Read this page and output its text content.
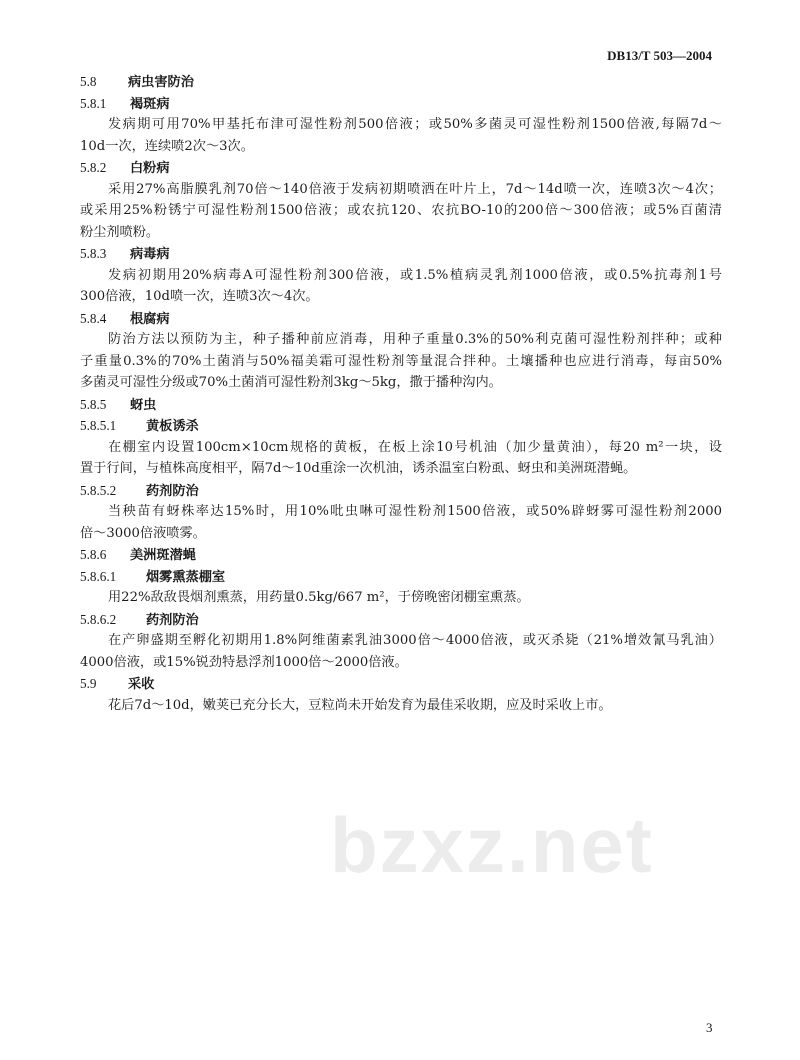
DB13/T 503—2004
bzxz.net
5.8 病虫害防治
5.8.1 褐斑病
发病期可用70%甲基托布津可湿性粉剂500倍液；或50%多菌灵可湿性粉剂1500倍液,每隔7d～
10d一次，连续喷2次～3次。
5.8.2 白粉病
采用27%高脂膜乳剂70倍～140倍液于发病初期喷洒在叶片上，7d～14d喷一次，连喷3次～4次；
或采用25%粉锈宁可湿性粉剂1500倍液；或农抗120、农抗BO-10的200倍～300倍液；或5%百菌清
粉尘剂喷粉。
5.8.3 病毒病
发病初期用20%病毒A可湿性粉剂300倍液，或1.5%植病灵乳剂1000倍液，或0.5%抗毒剂1号
300倍液，10d喷一次，连喷3次～4次。
5.8.4 根腐病
防治方法以预防为主，种子播种前应消毒，用种子重量0.3%的50%利克菌可湿性粉剂拌种；或种
子重量0.3%的70%土菌消与50%福美霜可湿性粉剂等量混合拌种。土壤播种也应进行消毒，每亩50%
多菌灵可湿性分级或70%土菌消可湿性粉剂3kg～5kg，撒于播种沟内。
5.8.5 蚜虫
5.8.5.1 黄板诱杀
在棚室内设置100cm×10cm规格的黄板，在板上涂10号机油（加少量黄油），每20 m²一块，设
置于行间，与植株高度相平，隔7d～10d重涂一次机油，诱杀温室白粉虱、蚜虫和美洲斑潜蝇。
5.8.5.2 药剂防治
当秧苗有蚜株率达15%时，用10%吡虫啉可湿性粉剂1500倍液，或50%辟蚜雾可湿性粉剂2000
倍～3000倍液喷雾。
5.8.6 美洲斑潜蝇
5.8.6.1 烟雾熏蒸棚室
用22%敌敌畏烟剂熏蒸，用药量0.5kg/667 m²，于傍晚密闭棚室熏蒸。
5.8.6.2 药剂防治
在产卵盛期至孵化初期用1.8%阿维菌素乳油3000倍～4000倍液，或灭杀毙（21%增效氰马乳油）
4000倍液，或15%锐劲特悬浮剂1000倍～2000倍液。
5.9 采收
花后7d～10d，嫩荚已充分长大，豆粒尚未开始发育为最佳采收期，应及时采收上市。
3
